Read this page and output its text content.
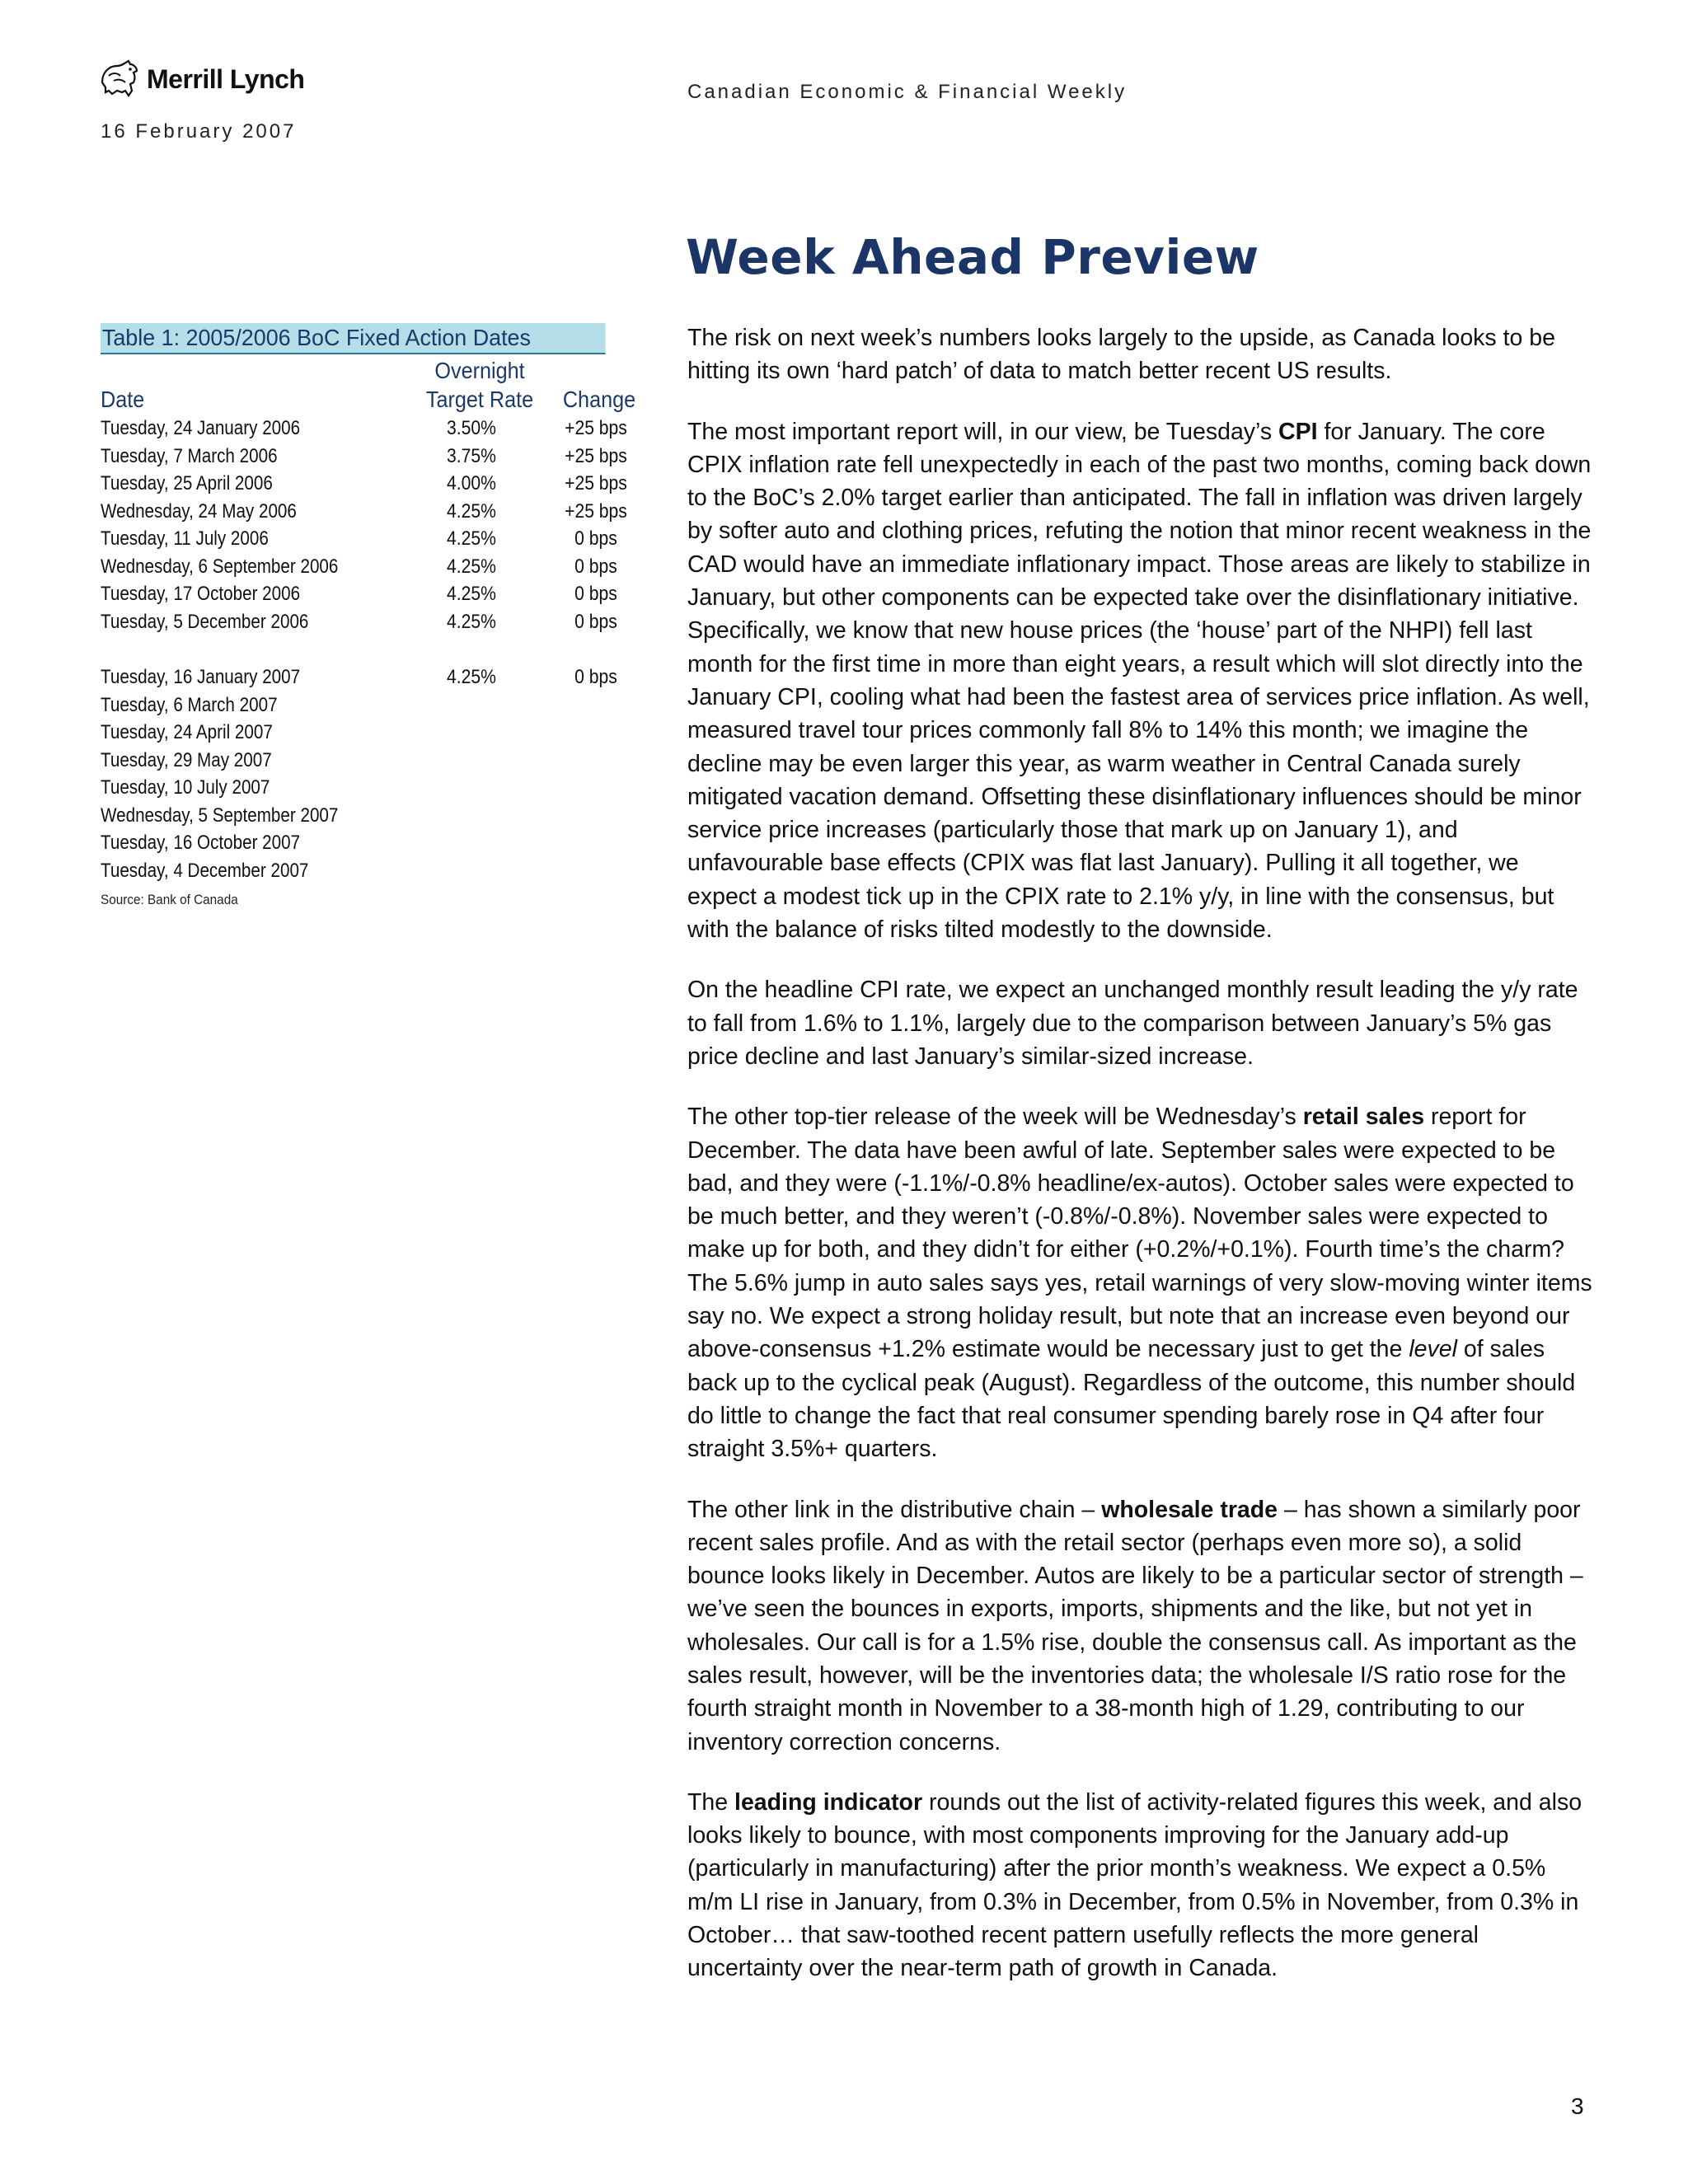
Merrill Lynch
16 February 2007
Canadian Economic & Financial Weekly
Week Ahead Preview
Table 1: 2005/2006 BoC Fixed Action Dates
Overnight
Date	Target Rate	Change
Tuesday, 24 January 2006	3.50%	+25 bps
Tuesday, 7 March 2006	3.75%	+25 bps
Tuesday, 25 April 2006	4.00%	+25 bps
Wednesday, 24 May 2006	4.25%	+25 bps
Tuesday, 11 July 2006	4.25%	0 bps
Wednesday, 6 September 2006	4.25%	0 bps
Tuesday, 17 October 2006	4.25%	0 bps
Tuesday, 5 December 2006	4.25%	0 bps
Tuesday, 16 January 2007	4.25%	0 bps
Tuesday, 6 March 2007
Tuesday, 24 April 2007
Tuesday, 29 May 2007
Tuesday, 10 July 2007
Wednesday, 5 September 2007
Tuesday, 16 October 2007
Tuesday, 4 December 2007
Source: Bank of Canada

The risk on next week’s numbers looks largely to the upside, as Canada looks to be hitting its own ‘hard patch’ of data to match better recent US results.

The most important report will, in our view, be Tuesday’s CPI for January. The core CPIX inflation rate fell unexpectedly in each of the past two months, coming back down to the BoC’s 2.0% target earlier than anticipated. The fall in inflation was driven largely by softer auto and clothing prices, refuting the notion that minor recent weakness in the CAD would have an immediate inflationary impact. Those areas are likely to stabilize in January, but other components can be expected take over the disinflationary initiative. Specifically, we know that new house prices (the ‘house’ part of the NHPI) fell last month for the first time in more than eight years, a result which will slot directly into the January CPI, cooling what had been the fastest area of services price inflation. As well, measured travel tour prices commonly fall 8% to 14% this month; we imagine the decline may be even larger this year, as warm weather in Central Canada surely mitigated vacation demand. Offsetting these disinflationary influences should be minor service price increases (particularly those that mark up on January 1), and unfavourable base effects (CPIX was flat last January). Pulling it all together, we expect a modest tick up in the CPIX rate to 2.1% y/y, in line with the consensus, but with the balance of risks tilted modestly to the downside.

On the headline CPI rate, we expect an unchanged monthly result leading the y/y rate to fall from 1.6% to 1.1%, largely due to the comparison between January’s 5% gas price decline and last January’s similar-sized increase.

The other top-tier release of the week will be Wednesday’s retail sales report for December. The data have been awful of late. September sales were expected to be bad, and they were (-1.1%/-0.8% headline/ex-autos). October sales were expected to be much better, and they weren’t (-0.8%/-0.8%). November sales were expected to make up for both, and they didn’t for either (+0.2%/+0.1%). Fourth time’s the charm? The 5.6% jump in auto sales says yes, retail warnings of very slow-moving winter items say no. We expect a strong holiday result, but note that an increase even beyond our above-consensus +1.2% estimate would be necessary just to get the level of sales back up to the cyclical peak (August). Regardless of the outcome, this number should do little to change the fact that real consumer spending barely rose in Q4 after four straight 3.5%+ quarters.

The other link in the distributive chain – wholesale trade – has shown a similarly poor recent sales profile. And as with the retail sector (perhaps even more so), a solid bounce looks likely in December. Autos are likely to be a particular sector of strength – we’ve seen the bounces in exports, imports, shipments and the like, but not yet in wholesales. Our call is for a 1.5% rise, double the consensus call. As important as the sales result, however, will be the inventories data; the wholesale I/S ratio rose for the fourth straight month in November to a 38-month high of 1.29, contributing to our inventory correction concerns.

The leading indicator rounds out the list of activity-related figures this week, and also looks likely to bounce, with most components improving for the January add-up (particularly in manufacturing) after the prior month’s weakness. We expect a 0.5% m/m LI rise in January, from 0.3% in December, from 0.5% in November, from 0.3% in October… that saw-toothed recent pattern usefully reflects the more general uncertainty over the near-term path of growth in Canada.

3
